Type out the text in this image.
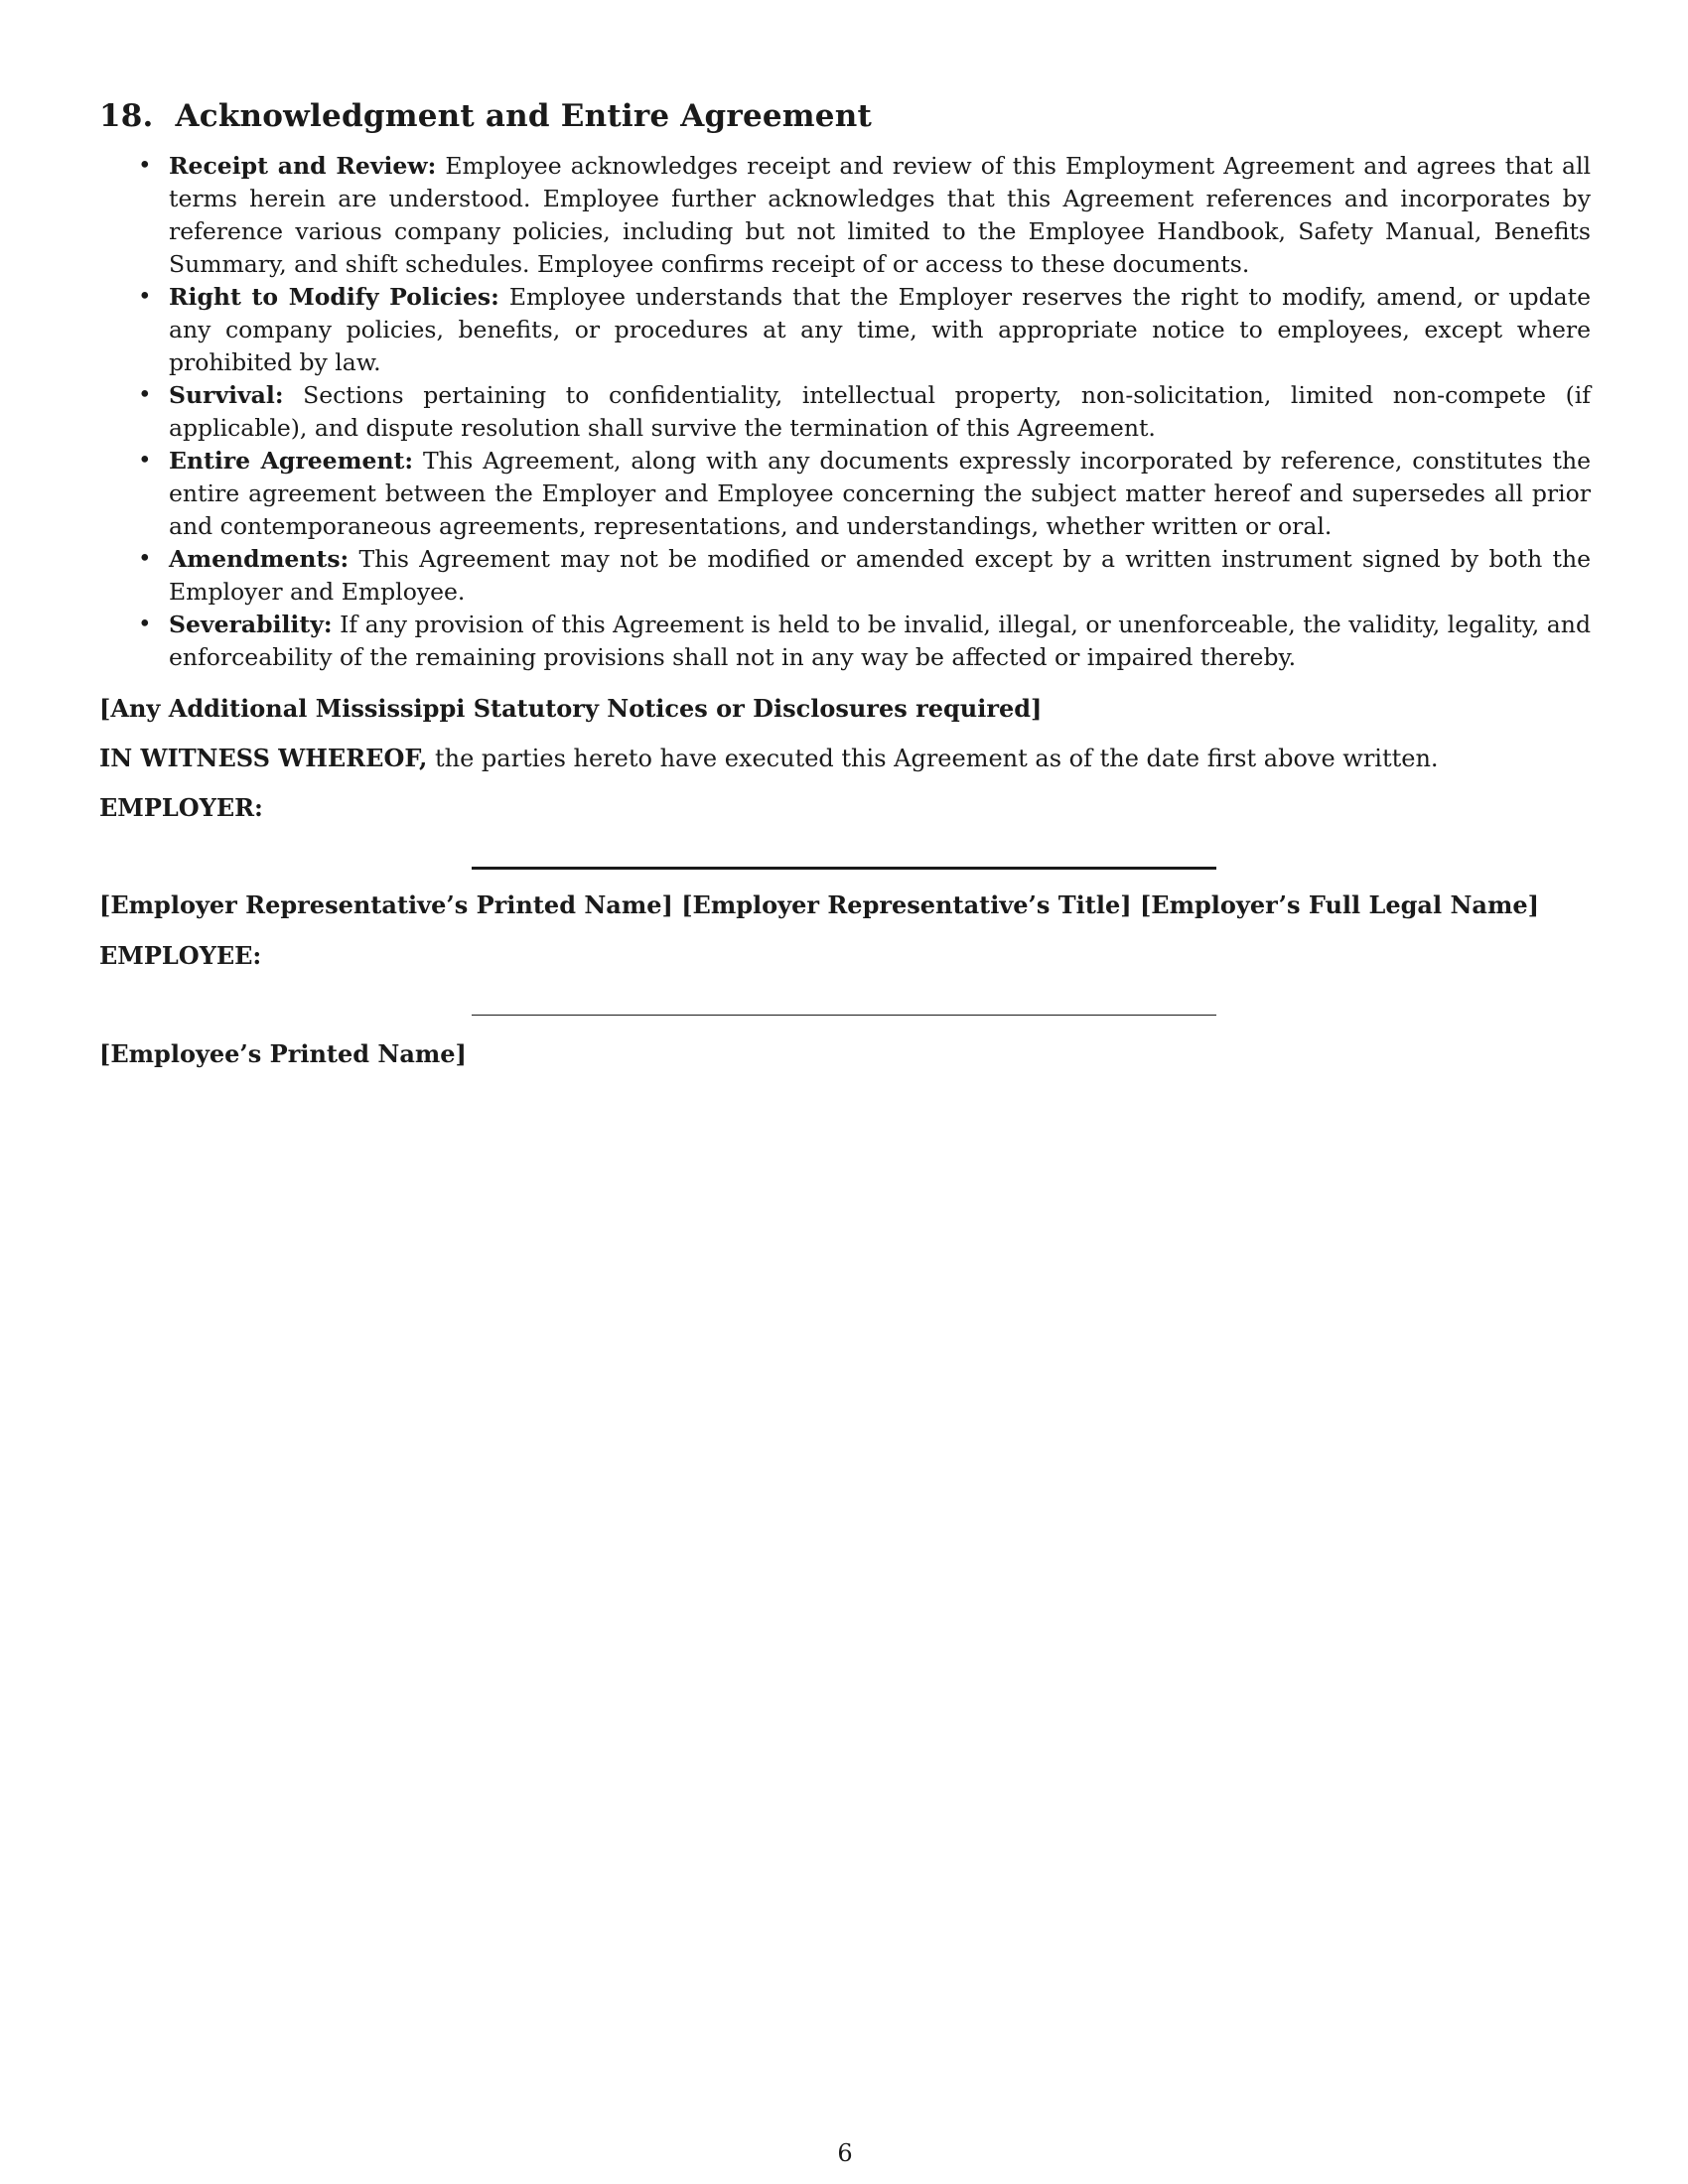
18. Acknowledgment and Entire Agreement
• Receipt and Review: Employee acknowledges receipt and review of this Employment Agreement and agrees that all terms herein are understood. Employee further acknowledges that this Agreement references and incorporates by reference various company policies, including but not limited to the Employee Handbook, Safety Manual, Benefits Summary, and shift schedules. Employee confirms receipt of or access to these documents.
• Right to Modify Policies: Employee understands that the Employer reserves the right to modify, amend, or update any company policies, benefits, or procedures at any time, with appropriate notice to employees, except where prohibited by law.
• Survival: Sections pertaining to confidentiality, intellectual property, non-solicitation, limited non-compete (if applicable), and dispute resolution shall survive the termination of this Agreement.
• Entire Agreement: This Agreement, along with any documents expressly incorporated by reference, constitutes the entire agreement between the Employer and Employee concerning the subject matter hereof and supersedes all prior and contemporaneous agreements, representations, and understandings, whether written or oral.
• Amendments: This Agreement may not be modified or amended except by a written instrument signed by both the Employer and Employee.
• Severability: If any provision of this Agreement is held to be invalid, illegal, or unenforceable, the validity, legality, and enforceability of the remaining provisions shall not in any way be affected or impaired thereby.
[Any Additional Mississippi Statutory Notices or Disclosures required]
IN WITNESS WHEREOF, the parties hereto have executed this Agreement as of the date first above written.
EMPLOYER:
[Employer Representative’s Printed Name] [Employer Representative’s Title] [Employer’s Full Legal Name]
EMPLOYEE:
[Employee’s Printed Name]
6
